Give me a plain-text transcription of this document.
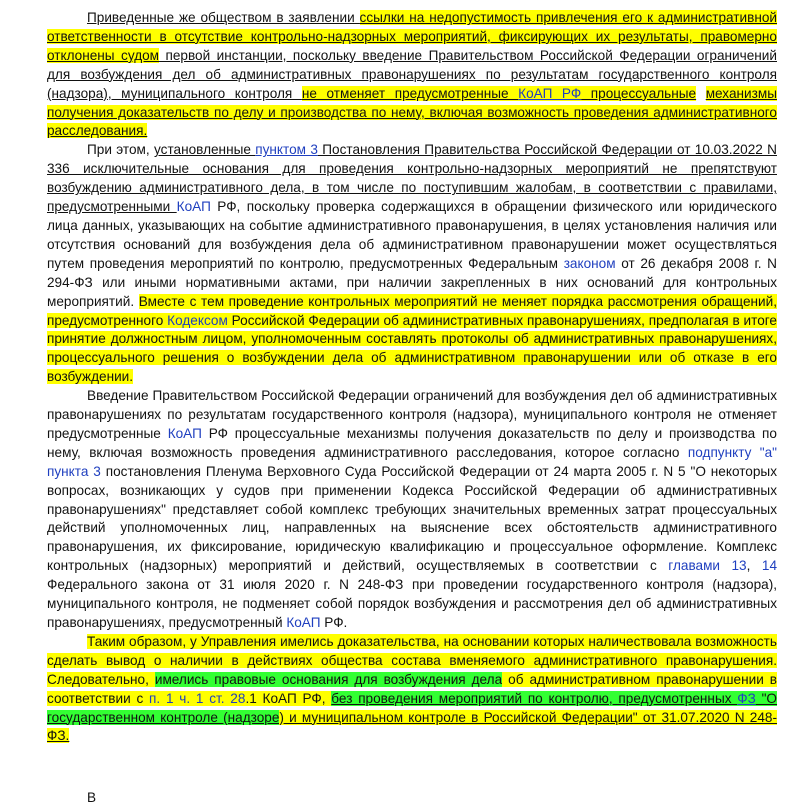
Приведенные же обществом в заявлении ссылки на недопустимость привлечения его к административной ответственности в отсутствие контрольно-надзорных мероприятий, фиксирующих их результаты, правомерно отклонены судом первой инстанции, поскольку введение Правительством Российской Федерации ограничений для возбуждения дел об административных правонарушениях по результатам государственного контроля (надзора), муниципального контроля не отменяет предусмотренные КоАП РФ процессуальные механизмы получения доказательств по делу и производства по нему, включая возможность проведения административного расследования.

При этом, установленные пунктом 3 Постановления Правительства Российской Федерации от 10.03.2022 N 336 исключительные основания для проведения контрольно-надзорных мероприятий не препятствуют возбуждению административного дела, в том числе по поступившим жалобам, в соответствии с правилами, предусмотренными КоАП РФ, поскольку проверка содержащихся в обращении физического или юридического лица данных, указывающих на событие административного правонарушения, в целях установления наличия или отсутствия оснований для возбуждения дела об административном правонарушении может осуществляться путем проведения мероприятий по контролю, предусмотренных Федеральным законом от 26 декабря 2008 г. N 294-ФЗ или иными нормативными актами, при наличии закрепленных в них оснований для контрольных мероприятий. Вместе с тем проведение контрольных мероприятий не меняет порядка рассмотрения обращений, предусмотренного Кодексом Российской Федерации об административных правонарушениях, предполагая в итоге принятие должностным лицом, уполномоченным составлять протоколы об административных правонарушениях, процессуального решения о возбуждении дела об административном правонарушении или об отказе в его возбуждении.

Введение Правительством Российской Федерации ограничений для возбуждения дел об административных правонарушениях по результатам государственного контроля (надзора), муниципального контроля не отменяет предусмотренные КоАП РФ процессуальные механизмы получения доказательств по делу и производства по нему, включая возможность проведения административного расследования, которое согласно подпункту "а" пункта 3 постановления Пленума Верховного Суда Российской Федерации от 24 марта 2005 г. N 5 "О некоторых вопросах, возникающих у судов при применении Кодекса Российской Федерации об административных правонарушениях" представляет собой комплекс требующих значительных временных затрат процессуальных действий уполномоченных лиц, направленных на выяснение всех обстоятельств административного правонарушения, их фиксирование, юридическую квалификацию и процессуальное оформление. Комплекс контрольных (надзорных) мероприятий и действий, осуществляемых в соответствии с главами 13, 14 Федерального закона от 31 июля 2020 г. N 248-ФЗ при проведении государственного контроля (надзора), муниципального контроля, не подменяет собой порядок возбуждения и рассмотрения дел об административных правонарушениях, предусмотренный КоАП РФ.

Таким образом, у Управления имелись доказательства, на основании которых наличествовала возможность сделать вывод о наличии в действиях общества состава вменяемого административного правонарушения. Следовательно, имелись правовые основания для возбуждения дела об административном правонарушении в соответствии с п. 1 ч. 1 ст. 28.1 КоАП РФ, без проведения мероприятий по контролю, предусмотренных ФЗ "О государственном контроле (надзоре) и муниципальном контроле в Российской Федерации" от 31.07.2020 N 248-ФЗ.

В
